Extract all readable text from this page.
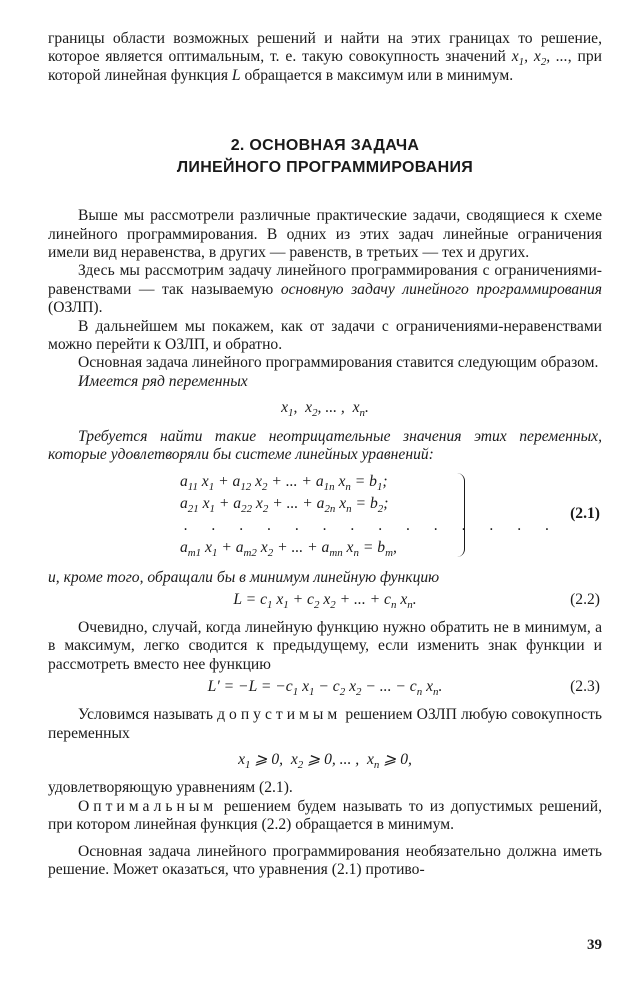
границы области возможных решений и найти на этих границах то решение, которое является оптимальным, т. е. такую совокупность значений $x_1$, $x_2$, ..., при которой линейная функция L обращается в максимум или в минимум.

2. ОСНОВНАЯ ЗАДАЧА
ЛИНЕЙНОГО ПРОГРАММИРОВАНИЯ

Выше мы рассмотрели различные практические задачи, сводящиеся к схеме линейного программирования. В одних из этих задач линейные ограничения имели вид неравенства, в других — равенств, в третьих — тех и других.

Здесь мы рассмотрим задачу линейного программирования с ограничениями-равенствами — так называемую основную задачу линейного программирования (ОЗЛП).

В дальнейшем мы покажем, как от задачи с ограничениями-неравенствами можно перейти к ОЗЛП, и обратно.

Основная задача линейного программирования ставится следующим образом.

Имеется ряд переменных

$x_1$,  $x_2$, ... ,  $x_n$.

Требуется найти такие неотрицательные значения этих переменных, которые удовлетворяли бы системе линейных уравнений:

$a_{11}$ $x_1 + a_{12}$ $x_2$ + ... + $a_{1n}$ $x_n = b_1$;
$a_{21}$ $x_1 + a_{22}$ $x_2$ + ... + $a_{2n}$ $x_n = b_2$;
. . . . . . . . . . . . . .
$a_{m1}$ $x_1 + a_{m2}$ $x_2$ + ... + $a_{mn}$ $x_n = b_m$,
(2.1)

и, кроме того, обращали бы в минимум линейную функцию

$L = c_1$ $x_1 + c_2$ $x_2$ + ... + $c_n$ $x_n$.	(2.2)

Очевидно, случай, когда линейную функцию нужно обратить не в минимум, а в максимум, легко сводится к предыдущему, если изменить знак функции и рассмотреть вместо нее функцию

$L' = -L = -c_1$ $x_1 - c_2$ $x_2$ − ... − $c_n$ $x_n$.	(2.3)

Условимся называть допустимым решением ОЗЛП любую совокупность переменных

$x_1$ ⩾ 0,  $x_2$ ⩾ 0, ... ,  $x_n$ ⩾ 0,

удовлетворяющую уравнениям (2.1).

Оптимальным решением будем называть то из допустимых решений, при котором линейная функция (2.2) обращается в минимум.

Основная задача линейного программирования необязательно должна иметь решение. Может оказаться, что уравнения (2.1) противо-

39
